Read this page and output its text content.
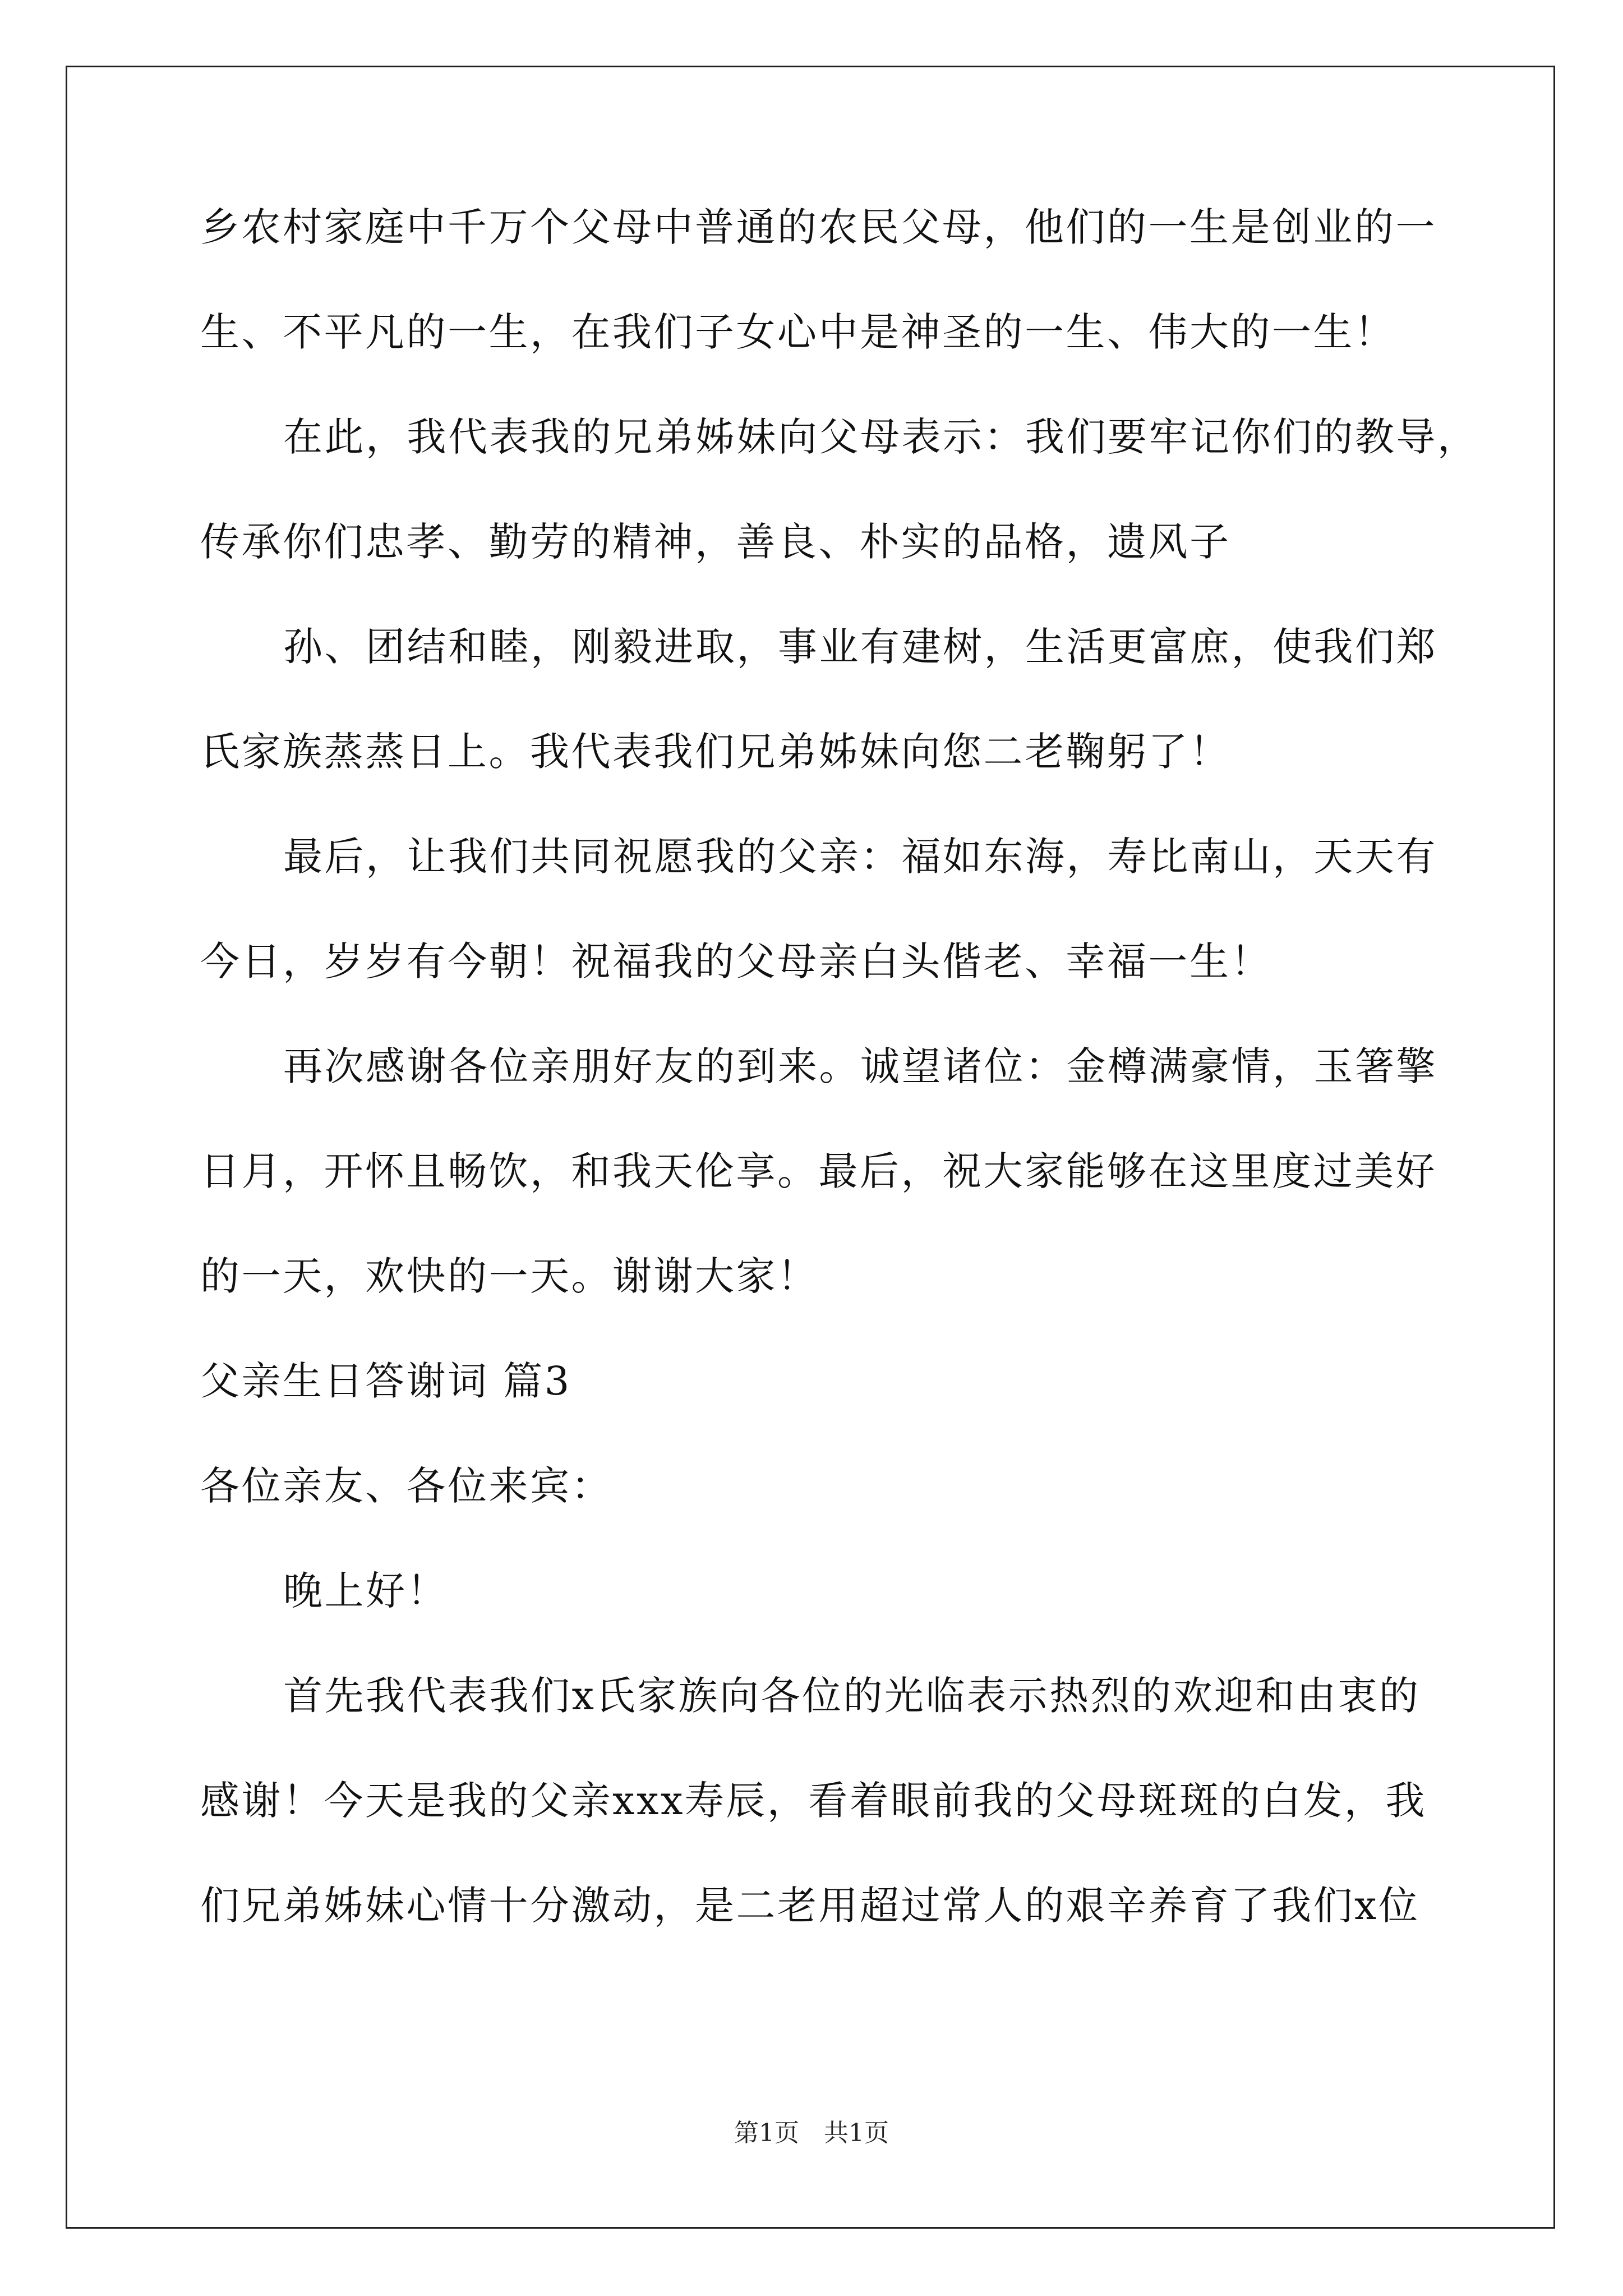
乡农村家庭中千万个父母中普通的农民父母，他们的一生是创业的一
生、不平凡的一生，在我们子女心中是神圣的一生、伟大的一生！
在此，我代表我的兄弟姊妹向父母表示：我们要牢记你们的教导，
传承你们忠孝、勤劳的精神，善良、朴实的品格，遗风子
孙、团结和睦，刚毅进取，事业有建树，生活更富庶，使我们郑
氏家族蒸蒸日上。我代表我们兄弟姊妹向您二老鞠躬了！
最后，让我们共同祝愿我的父亲：福如东海，寿比南山，天天有
今日，岁岁有今朝！祝福我的父母亲白头偕老、幸福一生！
再次感谢各位亲朋好友的到来。诚望诸位：金樽满豪情，玉箸擎
日月，开怀且畅饮，和我天伦享。最后，祝大家能够在这里度过美好
的一天，欢快的一天。谢谢大家！
父亲生日答谢词 篇3
各位亲友、各位来宾：
晚上好！
首先我代表我们x氏家族向各位的光临表示热烈的欢迎和由衷的
感谢！今天是我的父亲xxx寿辰，看着眼前我的父母斑斑的白发，我
们兄弟姊妹心情十分激动，是二老用超过常人的艰辛养育了我们x位
第1页　共1页
